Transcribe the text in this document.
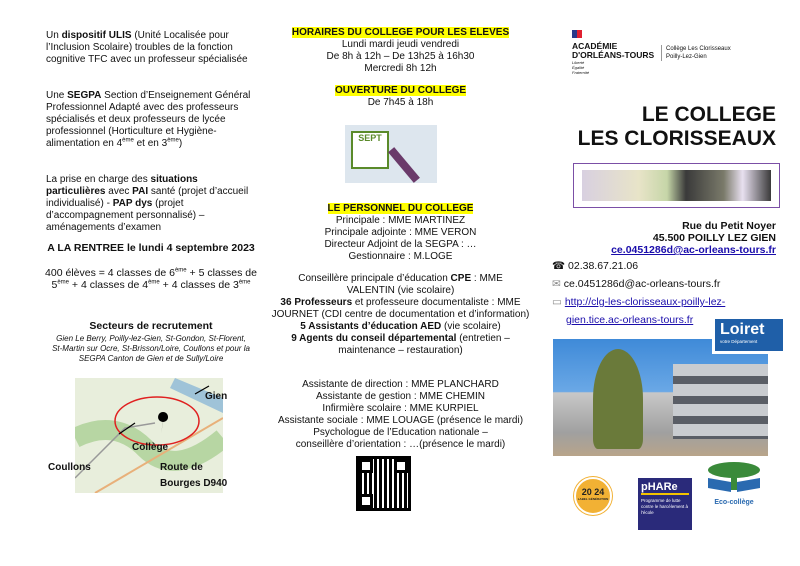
Un dispositif ULIS (Unité Localisée pour l’Inclusion Scolaire) troubles de la fonction cognitive TFC avec un professeur spécialisée
Une SEGPA Section d’Enseignement Général Professionnel Adapté avec des professeurs spécialisés et deux professeurs de lycée professionnel (Horticulture et Hygiène-alimentation en 4ème et en 3ème)
La prise en charge des situations particulières avec PAI santé (projet d’accueil individualisé) - PAP dys (projet d’accompagnement personnalisé) – aménagements d’examen
A LA RENTREE le lundi 4 septembre 2023
400 élèves = 4 classes de 6ème + 5 classes de 5ème + 4 classes de 4ème + 4 classes de 3ème
Secteurs de recrutement
Gien Le Berry, Poilly-lez-Gien, St-Gondon, St-Florent, St-Martin sur Ocre, St-Brisson/Loire, Coullons et pour la SEGPA Canton de Gien et de Sully/Loire
Gien
Collège
Coullons	Route de
Bourges D940
HORAIRES DU COLLEGE POUR LES ELEVES
Lundi mardi jeudi vendredi
De 8h à 12h – De 13h25 à 16h30
Mercredi 8h 12h
OUVERTURE DU COLLEGE
De 7h45 à 18h
SEPT
LE PERSONNEL DU COLLEGE
Principale : MME MARTINEZ
Principale adjointe : MME VERON
Directeur Adjoint de la SEGPA : …
Gestionnaire : M.LOGE
Conseillère principale d’éducation CPE : MME VALENTIN (vie scolaire)
36 Professeurs et professeure documentaliste : MME JOURNET (CDI centre de documentation et d’information)
5 Assistants d’éducation AED (vie scolaire)
9 Agents du conseil départemental (entretien – maintenance – restauration)
Assistante de direction : MME PLANCHARD
Assistante de gestion : MME CHEMIN
Infirmière scolaire : MME KURPIEL
Assistante sociale : MME LOUAGE (présence le mardi)
Psychologue de l’Education nationale – conseillère d’orientation : …(présence le mardi)
ACADÉMIE
D'ORLÉANS-TOURS
Liberté Égalité Fraternité
Collège Les Clorisseaux
Poilly-Lez-Gien
LE COLLEGE
LES CLORISSEAUX
Rue du Petit Noyer
45.500 POILLY LEZ GIEN
ce.0451286d@ac-orleans-tours.fr
☎ 02.38.67.21.06
✉ ce.0451286d@ac-orleans-tours.fr
▭ http://clg-les-clorisseaux-poilly-lez-
gien.tice.ac-orleans-tours.fr
Loiret
votre Département
20 24
LABEL GÉNÉRATION
pHARe
Programme de lutte contre le harcèlement à l'école
Eco-collège
